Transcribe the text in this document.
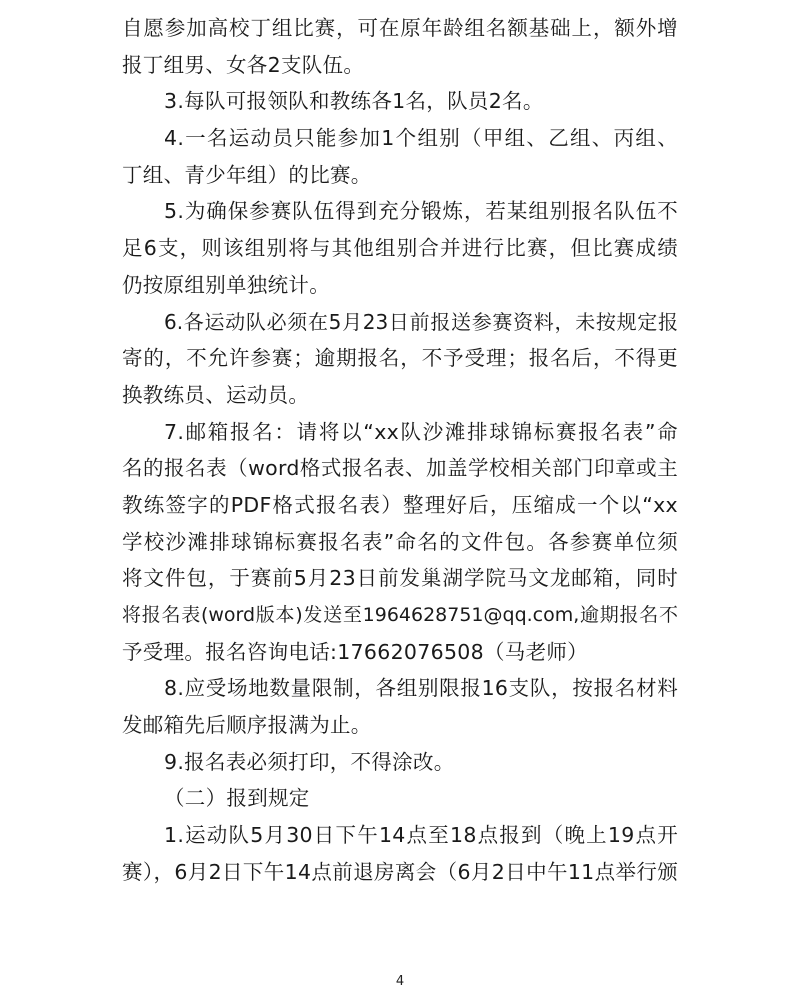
自愿参加高校丁组比赛，可在原年龄组名额基础上，额外增
报丁组男、女各2支队伍。
3.每队可报领队和教练各1名，队员2名。
4.一名运动员只能参加1个组别（甲组、乙组、丙组、
丁组、青少年组）的比赛。
5.为确保参赛队伍得到充分锻炼，若某组别报名队伍不
足6支，则该组别将与其他组别合并进行比赛，但比赛成绩
仍按原组别单独统计。
6.各运动队必须在5月23日前报送参赛资料，未按规定报
寄的，不允许参赛；逾期报名，不予受理；报名后，不得更
换教练员、运动员。
7.邮箱报名：请将以“xx队沙滩排球锦标赛报名表”命
名的报名表（word格式报名表、加盖学校相关部门印章或主
教练签字的PDF格式报名表）整理好后，压缩成一个以“xx
学校沙滩排球锦标赛报名表”命名的文件包。各参赛单位须
将文件包，于赛前5月23日前发巢湖学院马文龙邮箱，同时
将报名表(word版本)发送至1964628751@qq.com,逾期报名不
予受理。报名咨询电话:17662076508（马老师）
8.应受场地数量限制，各组别限报16支队，按报名材料
发邮箱先后顺序报满为止。
9.报名表必须打印，不得涂改。
（二）报到规定
1.运动队5月30日下午14点至18点报到（晚上19点开
赛），6月2日下午14点前退房离会（6月2日中午11点举行颁
4
